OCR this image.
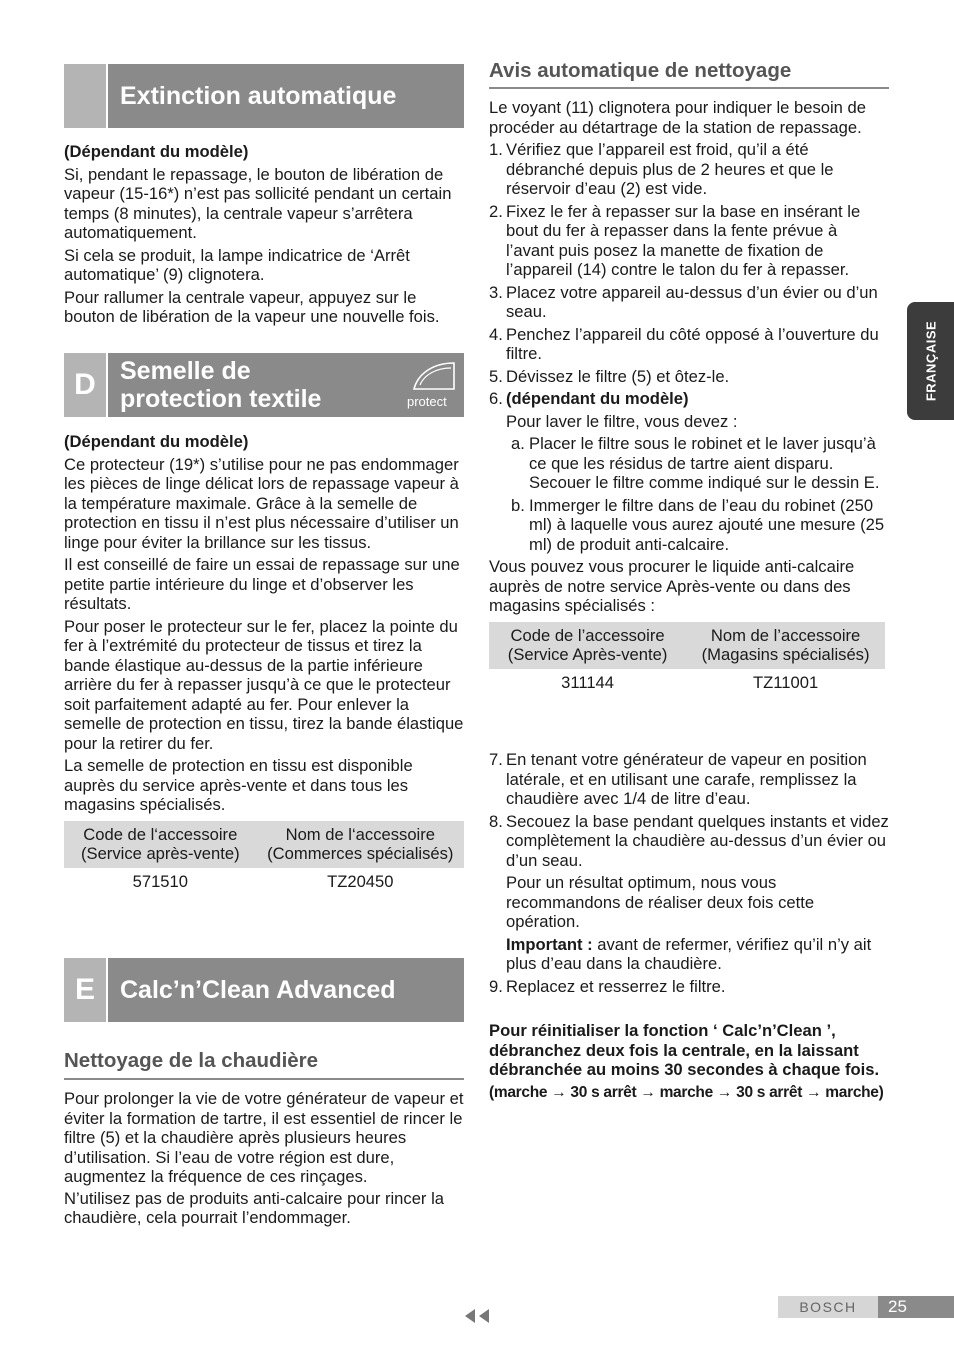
Extinction automatique

(Dépendant du modèle)

Si, pendant le repassage, le bouton de libération de vapeur (15-16*) n’est pas sollicité pendant un certain temps (8 minutes), la centrale vapeur s’arrêtera automatiquement.

Si cela se produit, la lampe indicatrice de ‘Arrêt automatique’ (9) clignotera.

Pour rallumer la centrale vapeur, appuyez sur le bouton de libération de la vapeur une nouvelle fois.

D Semelle de
protection textile	protect

(Dépendant du modèle)

Ce protecteur (19*) s’utilise pour ne pas endommager les pièces de linge délicat lors de repassage vapeur à la température maximale. Grâce à la semelle de protection en tissu il n’est plus nécessaire d’utiliser un linge pour éviter la brillance sur les tissus.

Il est conseillé de faire un essai de repassage sur une petite partie intérieure du linge et d’observer les résultats.

Pour poser le protecteur sur le fer, placez la pointe du fer à l’extrémité du protecteur de tissus et tirez la bande élastique au-dessus de la partie inférieure arrière du fer à repasser jusqu’à ce que le protecteur soit parfaitement adapté au fer. Pour enlever la semelle de protection en tissu, tirez la bande élastique pour la retirer du fer.

La semelle de protection en tissu est disponible auprès du service après-vente et dans tous les magasins spécialisés.

Code de l‘accessoire (Service après-vente)	Nom de l‘accessoire (Commerces spécialisés)
571510	TZ20450
E	Calc’n’Clean Advanced
Nettoyage de la chaudière

Pour prolonger la vie de votre générateur de vapeur et éviter la formation de tartre, il est essentiel de rincer le filtre (5) et la chaudière après plusieurs heures d’utilisation. Si l’eau de votre région est dure, augmentez la fréquence de ces rinçages.

N’utilisez pas de produits anti-calcaire pour rincer la chaudière, cela pourrait l’endommager.

Avis automatique de nettoyage

Le voyant (11) clignotera pour indiquer le besoin de procéder au détartrage de la station de repassage.

1. Vérifiez que l’appareil est froid, qu’il a été débranché depuis plus de 2 heures et que le réservoir d’eau (2) est vide.
2. Fixez le fer à repasser sur la base en insérant le bout du fer à repasser dans la fente prévue à l’avant puis posez la manette de fixation de l’appareil (14) contre le talon du fer à repasser.
3. Placez votre appareil au-dessus d’un évier ou d’un seau.
4. Penchez l’appareil du côté opposé à l’ouverture du filtre.
5. Dévissez le filtre (5) et ôtez-le.
6. (dépendant du modèle)

Pour laver le filtre, vous devez :

a. Placer le filtre sous le robinet et le laver jusqu’à ce que les résidus de tartre aient disparu. Secouer le filtre comme indiqué sur le dessin E.
b. Immerger le filtre dans de l’eau du robinet (250 ml) à laquelle vous aurez ajouté une mesure (25 ml) de produit anti-calcaire.

Vous pouvez vous procurer le liquide anti-calcaire auprès de notre service Après-vente ou dans des magasins spécialisés :

Code de l’accessoire (Service Après-vente)	Nom de l’accessoire (Magasins spécialisés)
311144	TZ11001
7. En tenant votre générateur de vapeur en position latérale, et en utilisant une carafe, remplissez la chaudière avec 1/4 de litre d’eau.
8. Secouez la base pendant quelques instants et videz complètement la chaudière au-dessus d’un évier ou d’un seau.

Pour un résultat optimum, nous vous recommandons de réaliser deux fois cette opération.

Important : avant de refermer, vérifiez qu’il n’y ait plus d’eau dans la chaudière.

9. Replacez et resserrez le filtre.

Pour réinitialiser la fonction ‘ Calc’n’Clean ’, débranchez deux fois la centrale, en la laissant débranchée au moins 30 secondes à chaque fois.

(marche → 30 s arrêt → marche → 30 s arrêt → marche)

FRANÇAISE
BOSCH	25
